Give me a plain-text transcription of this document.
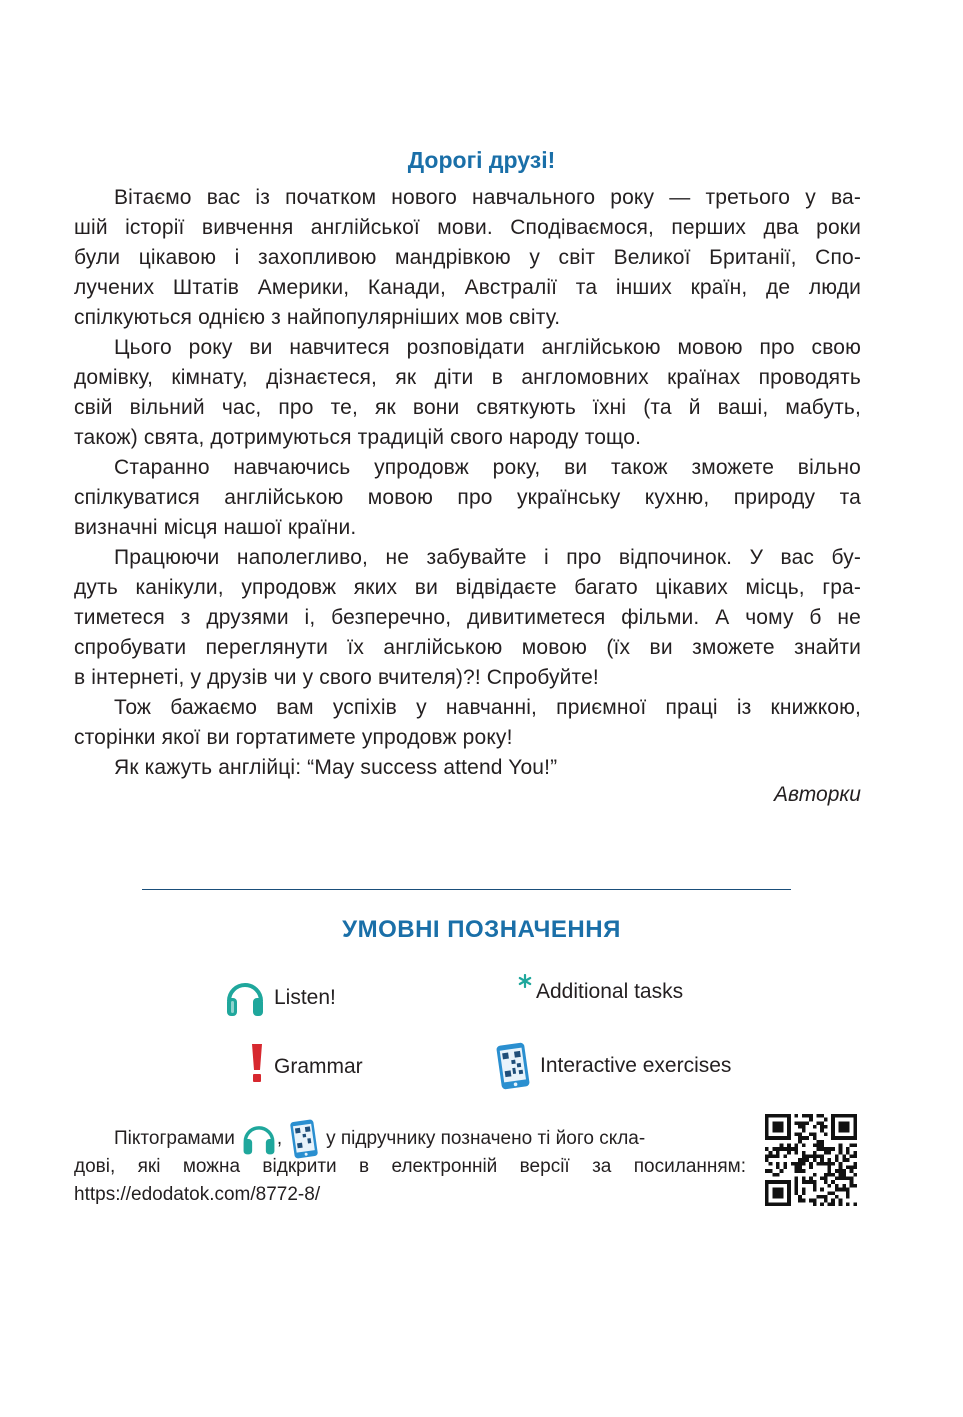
Дорогі друзі!
Вітаємо вас із початком нового навчального року — третього у ва-
шій історії вивчення англійської мови. Сподіваємося, перших два роки
були цікавою і захопливою мандрівкою у світ Великої Британії, Спо-
лучених Штатів Америки, Канади, Австралії та інших країн, де люди
спілкуються однією з найпопулярніших мов світу.
Цього року ви навчитеся розповідати англійською мовою про свою
домівку, кімнату, дізнаєтеся, як діти в англомовних країнах проводять
свій вільний час, про те, як вони святкують їхні (та й ваші, мабуть,
також) свята, дотримуються традицій свого народу тощо.
Старанно навчаючись упродовж року, ви також зможете вільно
спілкуватися англійською мовою про українську кухню, природу та
визначні місця нашої країни.
Працюючи наполегливо, не забувайте і про відпочинок. У вас бу-
дуть канікули, упродовж яких ви відвідаєте багато цікавих місць, гра-
тиметеся з друзями і, безперечно, дивитиметеся фільми. А чому б не
спробувати переглянути їх англійською мовою (їх ви зможете знайти
в інтернеті, у друзів чи у свого вчителя)?! Спробуйте!
Тож бажаємо вам успіхів у навчанні, приємної праці із книжкою,
сторінки якої ви гортатимете упродовж року!
Як кажуть англійці: “May success attend You!”
Авторки
УМОВНІ ПОЗНАЧЕННЯ
Listen!	Additional tasks
Grammar	Interactive exercises
Піктограмами , у підручнику позначено ті його скла-
дові, які можна відкрити в електронній версії за посиланням:
https://edodatok.com/8772-8/
